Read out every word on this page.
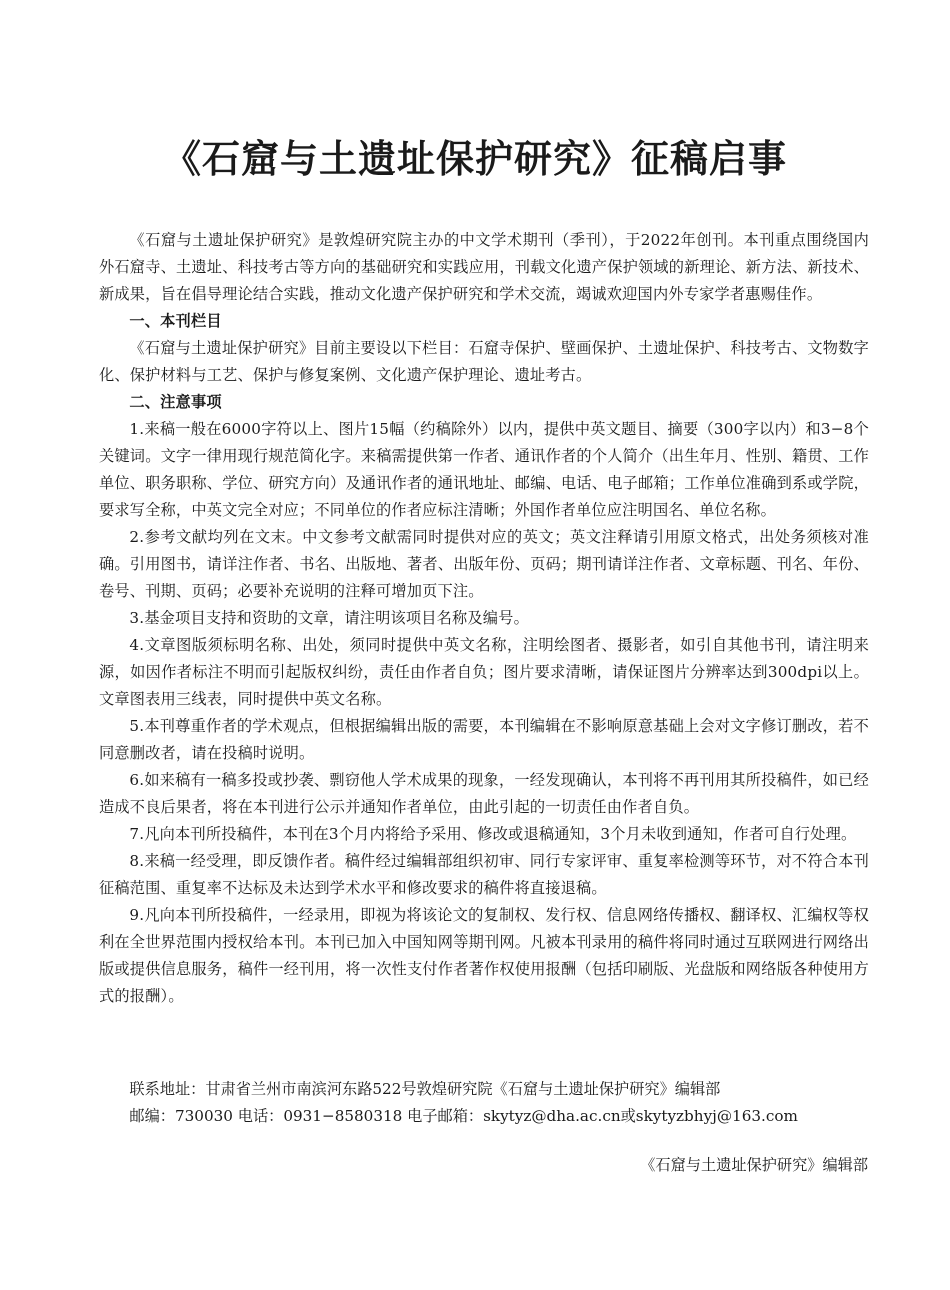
《石窟与土遗址保护研究》征稿启事

《石窟与土遗址保护研究》是敦煌研究院主办的中文学术期刊（季刊），于2022年创刊。本刊重点围绕国内外石窟寺、土遗址、科技考古等方向的基础研究和实践应用，刊载文化遗产保护领域的新理论、新方法、新技术、新成果，旨在倡导理论结合实践，推动文化遗产保护研究和学术交流，竭诚欢迎国内外专家学者惠赐佳作。

一、本刊栏目

《石窟与土遗址保护研究》目前主要设以下栏目：石窟寺保护、壁画保护、土遗址保护、科技考古、文物数字化、保护材料与工艺、保护与修复案例、文化遗产保护理论、遗址考古。

二、注意事项

1.来稿一般在6000字符以上、图片15幅（约稿除外）以内，提供中英文题目、摘要（300字以内）和3−8个关键词。文字一律用现行规范简化字。来稿需提供第一作者、通讯作者的个人简介（出生年月、性别、籍贯、工作单位、职务职称、学位、研究方向）及通讯作者的通讯地址、邮编、电话、电子邮箱；工作单位准确到系或学院，要求写全称，中英文完全对应；不同单位的作者应标注清晰；外国作者单位应注明国名、单位名称。

2.参考文献均列在文末。中文参考文献需同时提供对应的英文；英文注释请引用原文格式，出处务须核对准确。引用图书，请详注作者、书名、出版地、著者、出版年份、页码；期刊请详注作者、文章标题、刊名、年份、卷号、刊期、页码；必要补充说明的注释可增加页下注。

3.基金项目支持和资助的文章，请注明该项目名称及编号。

4.文章图版须标明名称、出处，须同时提供中英文名称，注明绘图者、摄影者，如引自其他书刊，请注明来源，如因作者标注不明而引起版权纠纷，责任由作者自负；图片要求清晰，请保证图片分辨率达到300dpi以上。文章图表用三线表，同时提供中英文名称。

5.本刊尊重作者的学术观点，但根据编辑出版的需要，本刊编辑在不影响原意基础上会对文字修订删改，若不同意删改者，请在投稿时说明。

6.如来稿有一稿多投或抄袭、剽窃他人学术成果的现象，一经发现确认，本刊将不再刊用其所投稿件，如已经造成不良后果者，将在本刊进行公示并通知作者单位，由此引起的一切责任由作者自负。

7.凡向本刊所投稿件，本刊在3个月内将给予采用、修改或退稿通知，3个月未收到通知，作者可自行处理。

8.来稿一经受理，即反馈作者。稿件经过编辑部组织初审、同行专家评审、重复率检测等环节，对不符合本刊征稿范围、重复率不达标及未达到学术水平和修改要求的稿件将直接退稿。

9.凡向本刊所投稿件，一经录用，即视为将该论文的复制权、发行权、信息网络传播权、翻译权、汇编权等权利在全世界范围内授权给本刊。本刊已加入中国知网等期刊网。凡被本刊录用的稿件将同时通过互联网进行网络出版或提供信息服务，稿件一经刊用，将一次性支付作者著作权使用报酬（包括印刷版、光盘版和网络版各种使用方式的报酬）。

联系地址：甘肃省兰州市南滨河东路522号敦煌研究院《石窟与土遗址保护研究》编辑部

邮编：730030 电话：0931−8580318 电子邮箱：skytyz@dha.ac.cn或skytyzbhyj@163.com

《石窟与土遗址保护研究》编辑部
